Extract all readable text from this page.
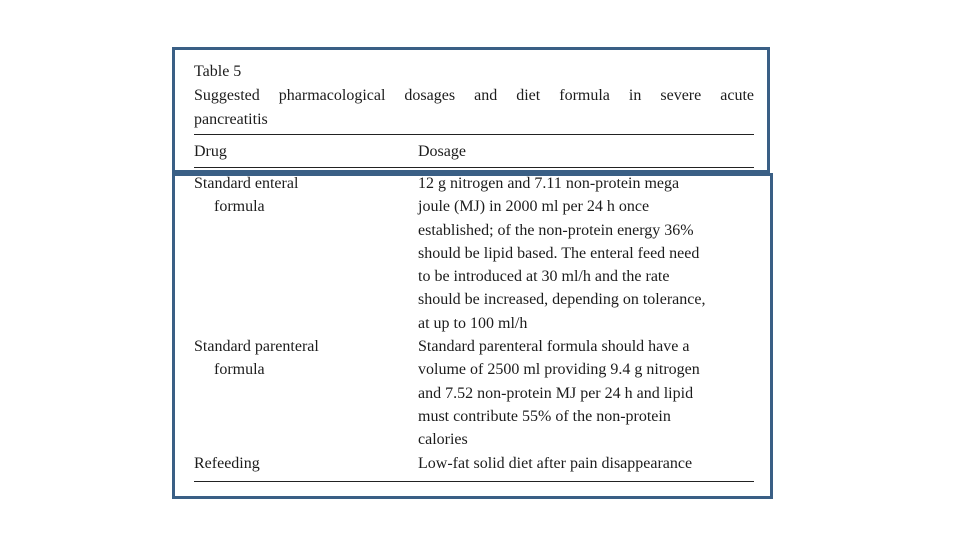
Table 5
Suggested pharmacological dosages and diet formula in severe acute
pancreatitis
Drug	Dosage
Standard enteral
formula
12 g nitrogen and 7.11 non-protein mega
joule (MJ) in 2000 ml per 24 h once
established; of the non-protein energy 36%
should be lipid based. The enteral feed need
to be introduced at 30 ml/h and the rate
should be increased, depending on tolerance,
at up to 100 ml/h
Standard parenteral
formula
Standard parenteral formula should have a
volume of 2500 ml providing 9.4 g nitrogen
and 7.52 non-protein MJ per 24 h and lipid
must contribute 55% of the non-protein
calories
Refeeding	Low-fat solid diet after pain disappearance
